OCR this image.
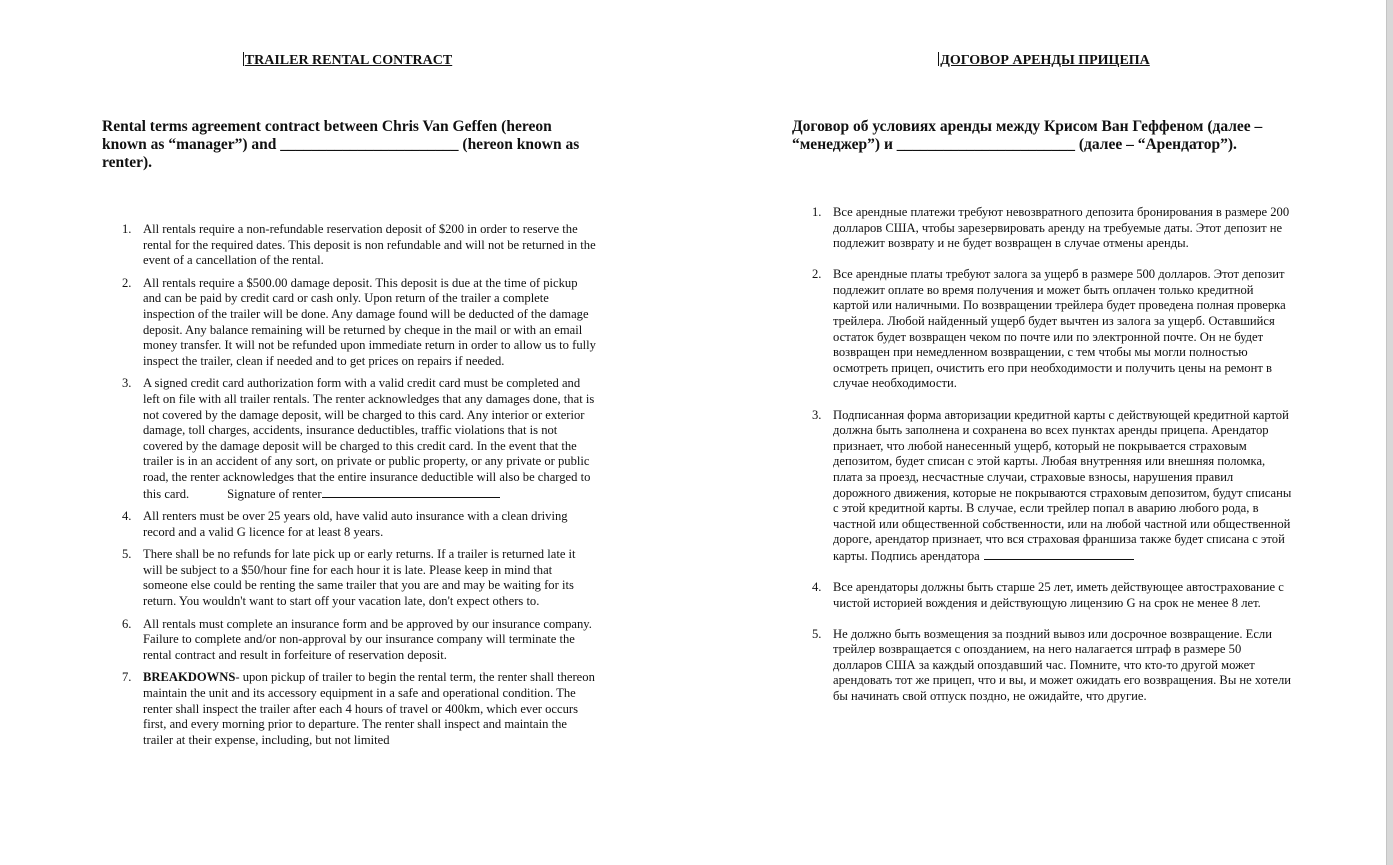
TRAILER RENTAL CONTRACT
Rental terms agreement contract between Chris Van Geffen (hereon known as “manager”) and _______________________ (hereon known as renter).
1. All rentals require a non-refundable reservation deposit of $200 in order to reserve the rental for the required dates. This deposit is non refundable and will not be returned in the event of a cancellation of the rental.
2. All rentals require a $500.00 damage deposit. This deposit is due at the time of pickup and can be paid by credit card or cash only. Upon return of the trailer a complete inspection of the trailer will be done. Any damage found will be deducted of the damage deposit. Any balance remaining will be returned by cheque in the mail or with an email money transfer. It will not be refunded upon immediate return in order to allow us to fully inspect the trailer, clean if needed and to get prices on repairs if needed.
3. A signed credit card authorization form with a valid credit card must be completed and left on file with all trailer rentals. The renter acknowledges that any damages done, that is not covered by the damage deposit, will be charged to this card. Any interior or exterior damage, toll charges, accidents, insurance deductibles, traffic violations that is not covered by the damage deposit will be charged to this credit card. In the event that the trailer is in an accident of any sort, on private or public property, or any private or public road, the renter acknowledges that the entire insurance deductible will also be charged to this card.	Signature of renter
4. All renters must be over 25 years old, have valid auto insurance with a clean driving record and a valid G licence for at least 8 years.
5. There shall be no refunds for late pick up or early returns. If a trailer is returned late it will be subject to a $50/hour fine for each hour it is late. Please keep in mind that someone else could be renting the same trailer that you are and may be waiting for its return. You wouldn't want to start off your vacation late, don't expect others to.
6. All rentals must complete an insurance form and be approved by our insurance company. Failure to complete and/or non-approval by our insurance company will terminate the rental contract and result in forfeiture of reservation deposit.
7. BREAKDOWNS- upon pickup of trailer to begin the rental term, the renter shall thereon maintain the unit and its accessory equipment in a safe and operational condition. The renter shall inspect the trailer after each 4 hours of travel or 400km, which ever occurs first, and every morning prior to departure. The renter shall inspect and maintain the trailer at their expense, including, but not limited
ДОГОВОР АРЕНДЫ ПРИЦЕПА
Договор об условиях аренды между Крисом Ван Геффеном (далее – “менеджер”) и _______________________ (далее – “Арендатор”).
1. Все арендные платежи требуют невозвратного депозита бронирования в размере 200 долларов США, чтобы зарезервировать аренду на требуемые даты. Этот депозит не подлежит возврату и не будет возвращен в случае отмены аренды.
2. Все арендные платы требуют залога за ущерб в размере 500 долларов. Этот депозит подлежит оплате во время получения и может быть оплачен только кредитной картой или наличными. По возвращении трейлера будет проведена полная проверка трейлера. Любой найденный ущерб будет вычтен из залога за ущерб. Оставшийся остаток будет возвращен чеком по почте или по электронной почте. Он не будет возвращен при немедленном возвращении, с тем чтобы мы могли полностью осмотреть прицеп, очистить его при необходимости и получить цены на ремонт в случае необходимости.
3. Подписанная форма авторизации кредитной карты с действующей кредитной картой должна быть заполнена и сохранена во всех пунктах аренды прицепа. Арендатор признает, что любой нанесенный ущерб, который не покрывается страховым депозитом, будет списан с этой карты. Любая внутренняя или внешняя поломка, плата за проезд, несчастные случаи, страховые взносы, нарушения правил дорожного движения, которые не покрываются страховым депозитом, будут списаны с этой кредитной карты. В случае, если трейлер попал в аварию любого рода, в частной или общественной собственности, или на любой частной или общественной дороге, арендатор признает, что вся страховая франшиза также будет списана с этой карты. Подпись арендатора
4. Все арендаторы должны быть старше 25 лет, иметь действующее автострахование с чистой историей вождения и действующую лицензию G на срок не менее 8 лет.
5. Не должно быть возмещения за поздний вывоз или досрочное возвращение. Если трейлер возвращается с опозданием, на него налагается штраф в размере 50 долларов США за каждый опоздавший час. Помните, что кто-то другой может арендовать тот же прицеп, что и вы, и может ожидать его возвращения. Вы не хотели бы начинать свой отпуск поздно, не ожидайте, что другие.
